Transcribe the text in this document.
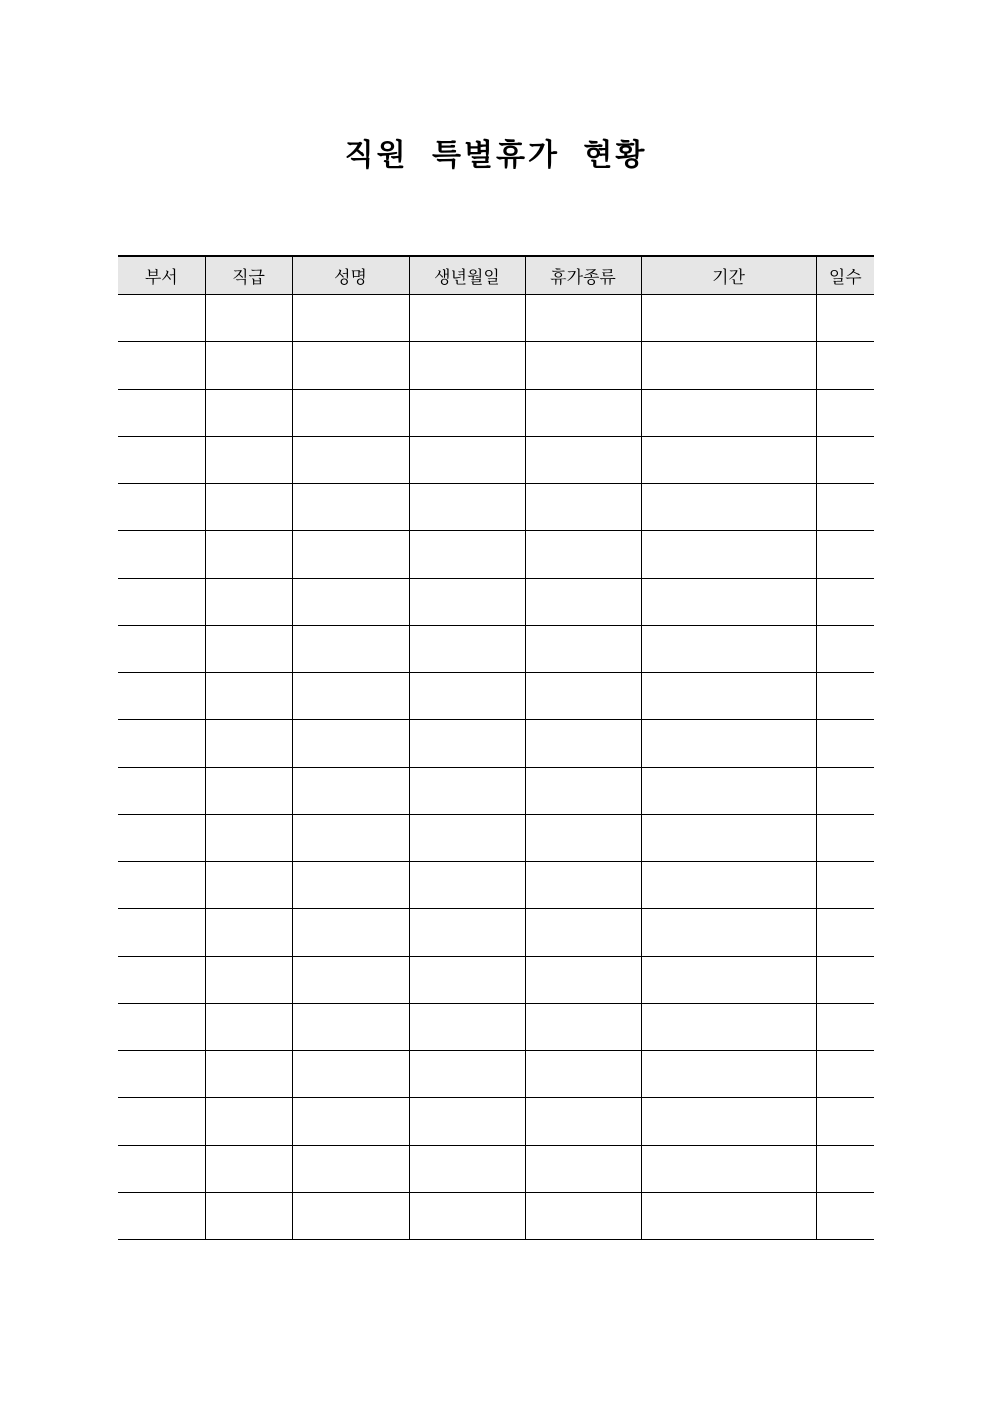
직원 특별휴가 현황
부서	직급	성명	생년월일	휴가종류	기간	일수
